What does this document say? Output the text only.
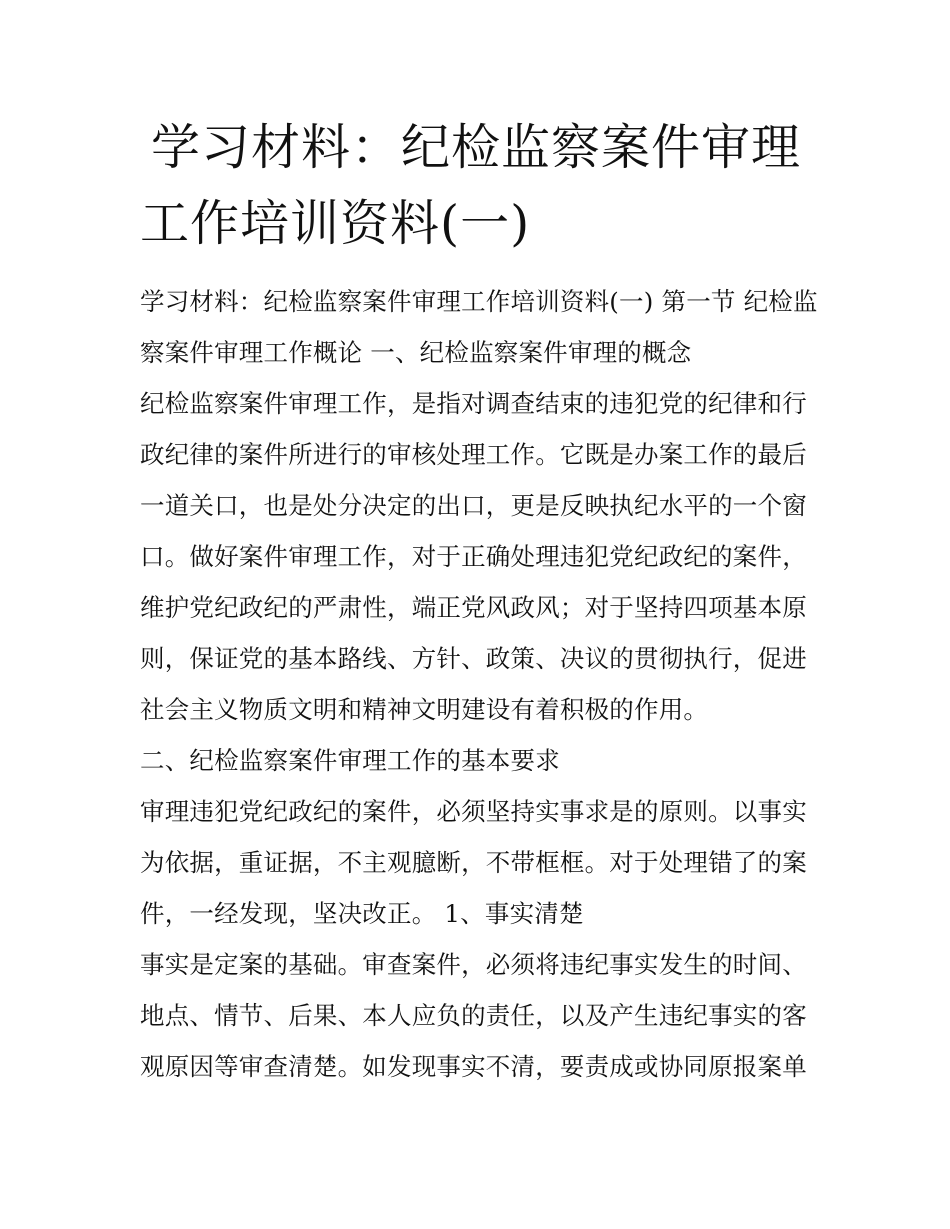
学习材料：纪检监察案件审理工作培训资料(一)

学习材料：纪检监察案件审理工作培训资料(一) 第一节 纪检监察案件审理工作概论 一、纪检监察案件审理的概念

纪检监察案件审理工作，是指对调查结束的违犯党的纪律和行政纪律的案件所进行的审核处理工作。它既是办案工作的最后一道关口，也是处分决定的出口，更是反映执纪水平的一个窗口。做好案件审理工作，对于正确处理违犯党纪政纪的案件，维护党纪政纪的严肃性，端正党风政风；对于坚持四项基本原则，保证党的基本路线、方针、政策、决议的贯彻执行，促进社会主义物质文明和精神文明建设有着积极的作用。

二、纪检监察案件审理工作的基本要求

审理违犯党纪政纪的案件，必须坚持实事求是的原则。以事实为依据，重证据，不主观臆断，不带框框。对于处理错了的案件，一经发现，坚决改正。 1、事实清楚

事实是定案的基础。审查案件，必须将违纪事实发生的时间、地点、情节、后果、本人应负的责任，以及产生违纪事实的客观原因等审查清楚。如发现事实不清，要责成或协同原报案单
